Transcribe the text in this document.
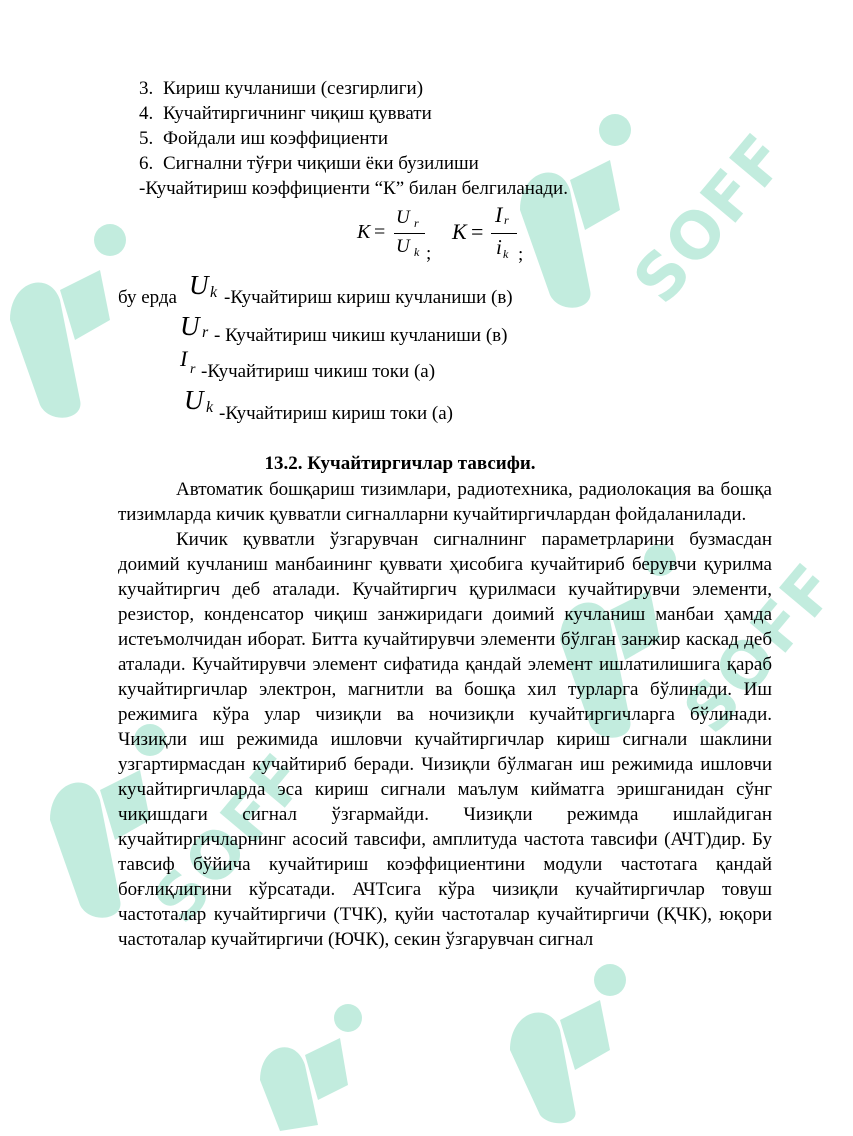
SOFF
SOFF
SOFF
3. Кириш кучланиши (сезгирлиги)
4. Кучайтиргичнинг чиқиш қуввати
5. Фойдали иш коэффициенти
6. Сигнални тўғри чиқиши ёки бузилиши
-Кучайтириш коэффициенти “К” билан белгиланади.
K =
U r
U k ;
K =
I r
i k ;
бу ерда U k -Кучайтириш кириш кучланиши (в)
U r - Кучайтириш чикиш кучланиши (в)
I r -Кучайтириш чикиш токи (а)
U k -Кучайтириш кириш токи (а)
13.2. Кучайтиргичлар тавсифи.

Автоматик бошқариш тизимлари, радиотехника, радиолокация ва бошқа тизимларда кичик қувватли сигналларни кучайтиргичлардан фойдаланилади.

Кичик қувватли ўзгарувчан сигналнинг параметрларини бузмасдан доимий кучланиш манбаининг қуввати ҳисобига кучайтириб берувчи қурилма кучайтиргич деб аталади. Кучайтиргич қурилмаси кучайтирувчи элементи, резистор, конденсатор чиқиш занжиридаги доимий кучланиш манбаи ҳамда истеъмолчидан иборат. Битта кучайтирувчи элементи бўлган занжир каскад деб аталади. Кучайтирувчи элемент сифатида қандай элемент ишлатилишига қараб кучайтиргичлар электрон, магнитли ва бошқа хил турларга бўлинади. Иш режимига кўра улар чизиқли ва ночизиқли кучайтиргичларга бўлинади. Чизиқли иш режимида ишловчи кучайтиргичлар кириш сигнали шаклини узгартирмасдан кучайтириб беради. Чизиқли бўлмаган иш режимида ишловчи кучайтиргичларда эса кириш сигнали маълум кийматга эришганидан сўнг чиқишдаги сигнал ўзгармайди. Чизиқли режимда ишлайдиган кучайтиргичларнинг асосий тавсифи, амплитуда частота тавсифи (АЧТ)дир. Бу тавсиф бўйича кучайтириш коэффициентини модули частотага қандай боғлиқлигини кўрсатади. АЧТсига кўра чизиқли кучайтиргичлар товуш частоталар кучайтиргичи (ТЧК), қуйи частоталар кучайтиргичи (ҚЧК), юқори частоталар кучайтиргичи (ЮЧК), секин ўзгарувчан сигнал
